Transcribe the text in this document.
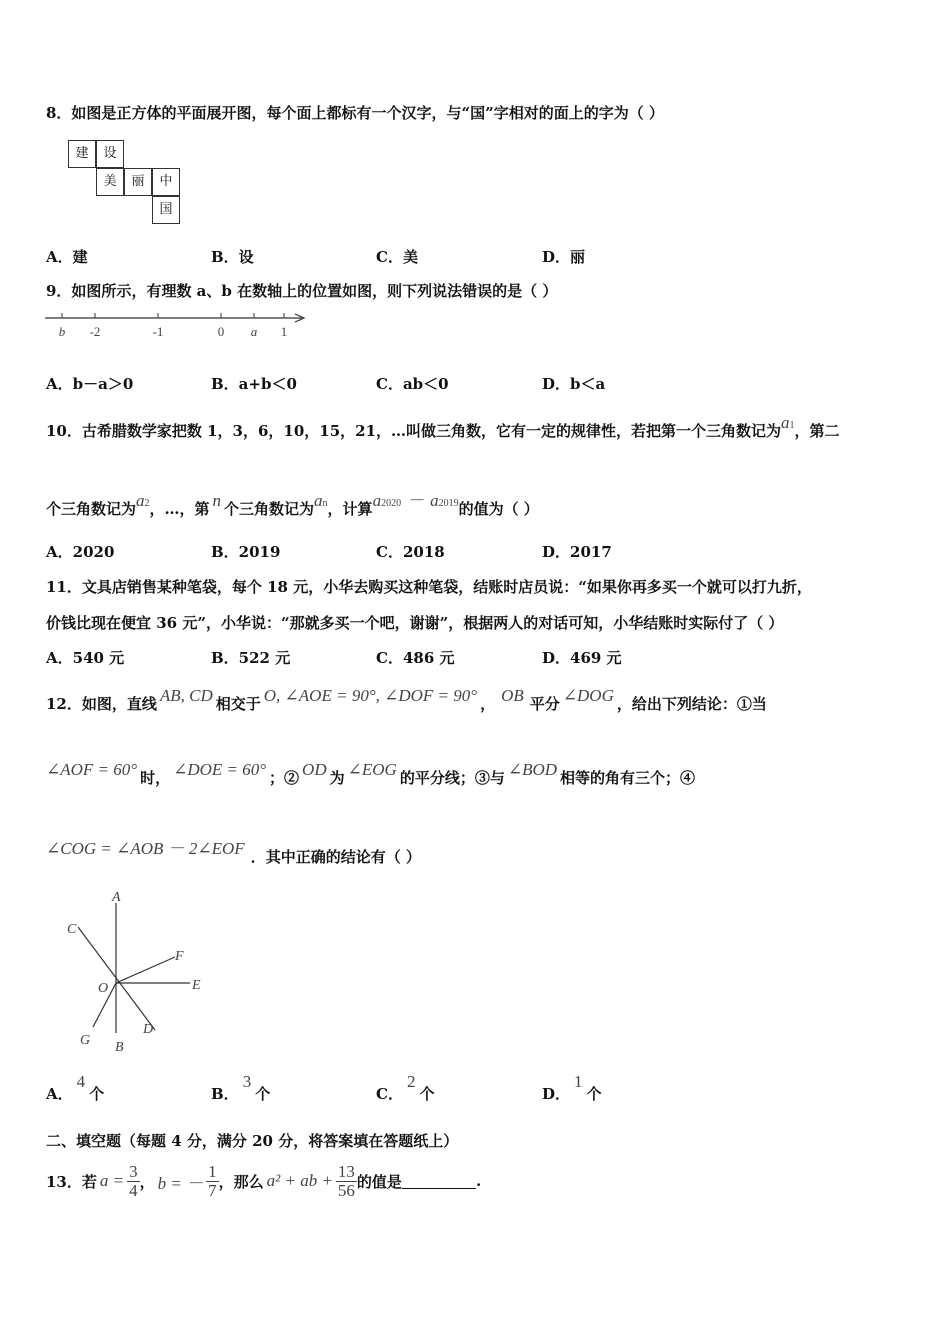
8．如图是正方体的平面展开图，每个面上都标有一个汉字，与“国”字相对的面上的字为（ ）
建	设
美	丽	中
国
A．建	B．设	C．美	D．丽
9．如图所示，有理数 a、b 在数轴上的位置如图，则下列说法错误的是（ ）
b -2	-1	0 a 1
A．b－a＞0	B．a+b＜0	C．ab＜0	D．b＜a
10．古希腊数学家把数 1，3，6，10，15，21，…叫做三角数，它有一定的规律性，若把第一个三角数记为a1，第二
个三角数记为a2，…，第 n 个三角数记为an，计算a2020 － a2019的值为（ ）
A．2020	B．2019	C．2018	D．2017
11．文具店销售某种笔袋，每个 18 元，小华去购买这种笔袋，结账时店员说：“如果你再多买一个就可以打九折，
价钱比现在便宜 36 元”，小华说：“那就多买一个吧，谢谢”，根据两人的对话可知，小华结账时实际付了（ ）
A．540 元	B．522 元	C．486 元	D．469 元
12．如图，直线 AB, CD 相交于 O, ∠AOE = 90°, ∠DOF = 90° ， OB 平分 ∠DOG ，给出下列结论：①当
∠AOF = 60° 时， ∠DOE = 60° ；② OD 为 ∠EOG 的平分线；③与 ∠BOD 相等的角有三个；④
∠COG = ∠AOB － 2∠EOF ．其中正确的结论有（ ）
A
C
F
O	E
G B
D
A．4个	B．3个	C．2个	D．1个
二、填空题（每题 4 分，满分 20 分，将答案填在答题纸上）
13．若 $a = \frac{3}{4}$ ， b = － $\frac{1}{7}$ ，那么 a² + ab + $\frac{13}{56}$ 的值是	.
